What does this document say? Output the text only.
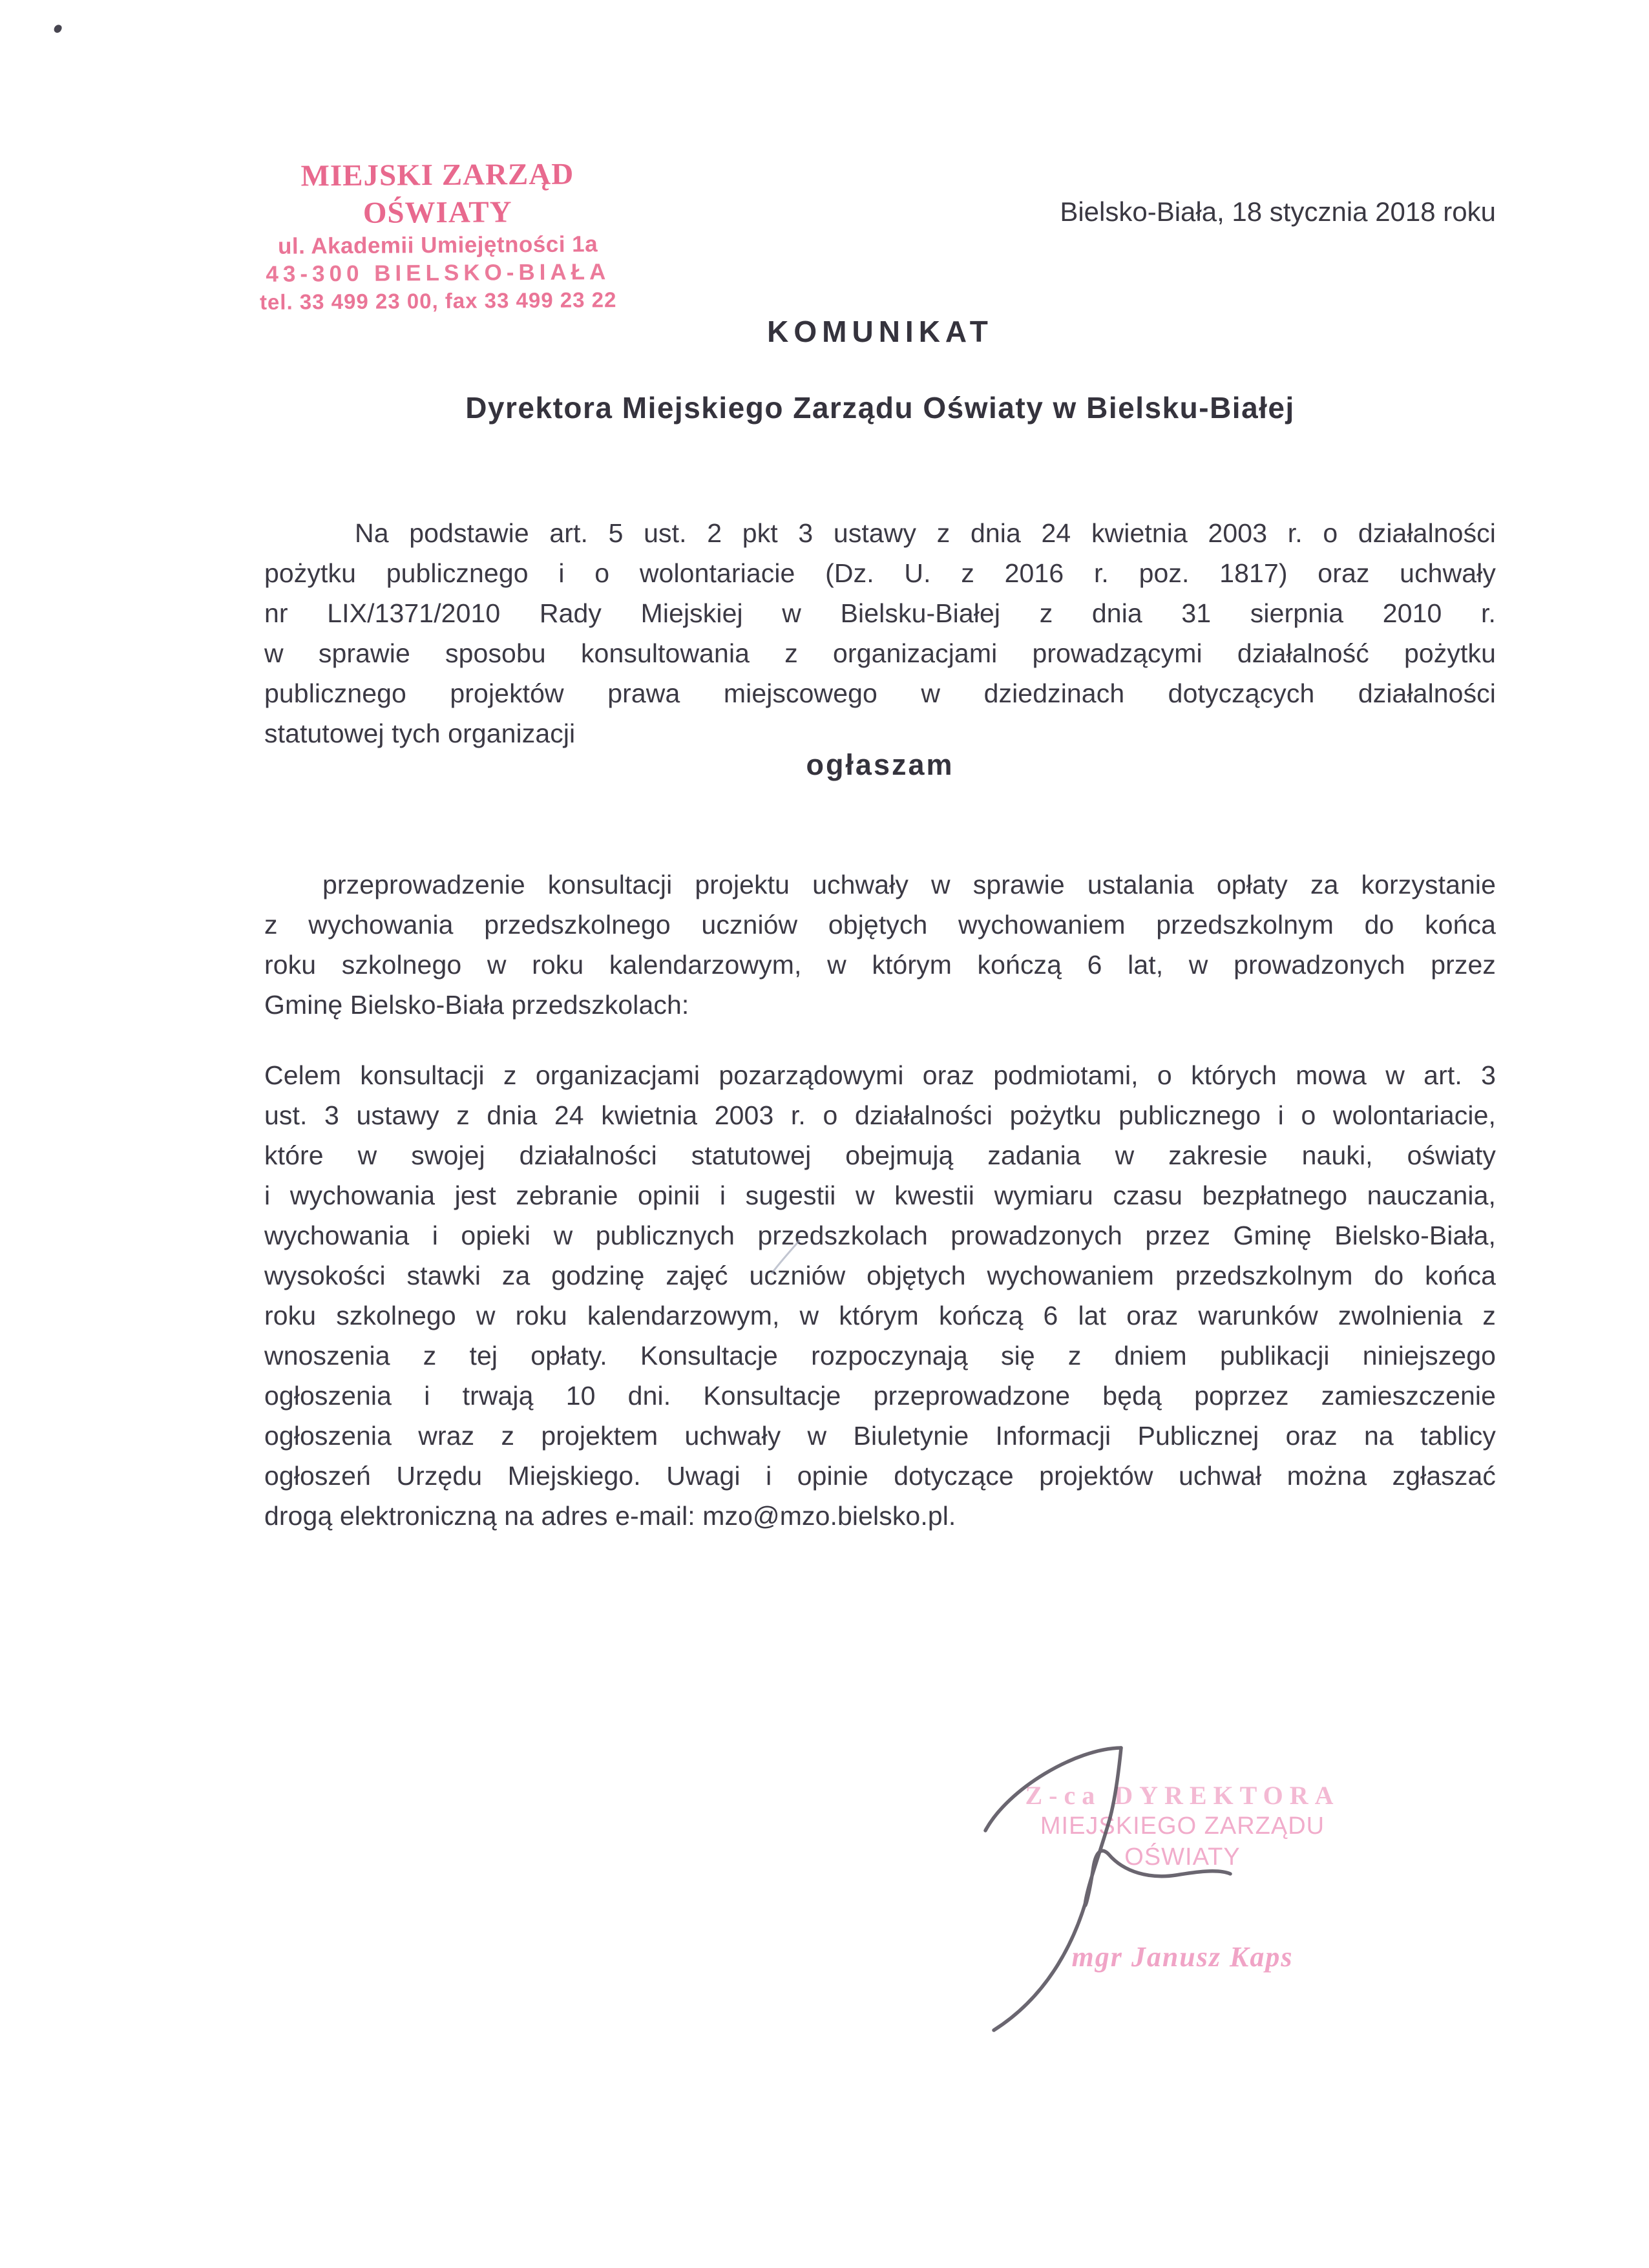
MIEJSKI ZARZĄD OŚWIATY
ul. Akademii Umiejętności 1a
43-300 BIELSKO-BIAŁA
tel. 33 499 23 00, fax 33 499 23 22
Bielsko-Biała, 18 stycznia 2018 roku
KOMUNIKAT
Dyrektora Miejskiego Zarządu Oświaty w Bielsku-Białej
Na podstawie art. 5 ust. 2 pkt 3 ustawy z dnia 24 kwietnia 2003 r. o działalności
pożytku publicznego i o wolontariacie (Dz. U. z 2016 r. poz. 1817) oraz uchwały
nr LIX/1371/2010 Rady Miejskiej w Bielsku-Białej z dnia 31 sierpnia 2010 r.
w sprawie sposobu konsultowania z organizacjami prowadzącymi działalność pożytku
publicznego projektów prawa miejscowego w dziedzinach dotyczących działalności
statutowej tych organizacji
ogłaszam
przeprowadzenie konsultacji projektu uchwały w sprawie ustalania opłaty za korzystanie
z wychowania przedszkolnego uczniów objętych wychowaniem przedszkolnym do końca
roku szkolnego w roku kalendarzowym, w którym kończą 6 lat, w prowadzonych przez
Gminę Bielsko-Biała przedszkolach:
Celem konsultacji z organizacjami pozarządowymi oraz podmiotami, o których mowa w art. 3
ust. 3 ustawy z dnia 24 kwietnia 2003 r. o działalności pożytku publicznego i o wolontariacie,
które w swojej działalności statutowej obejmują zadania w zakresie nauki, oświaty
i wychowania jest zebranie opinii i sugestii w kwestii wymiaru czasu bezpłatnego nauczania,
wychowania i opieki w publicznych przedszkolach prowadzonych przez Gminę Bielsko-Biała,
wysokości stawki za godzinę zajęć uczniów objętych wychowaniem przedszkolnym do końca
roku szkolnego w roku kalendarzowym, w którym kończą 6 lat oraz warunków zwolnienia z
wnoszenia z tej opłaty. Konsultacje rozpoczynają się z dniem publikacji niniejszego
ogłoszenia i trwają 10 dni. Konsultacje przeprowadzone będą poprzez zamieszczenie
ogłoszenia wraz z projektem uchwały w Biuletynie Informacji Publicznej oraz na tablicy
ogłoszeń Urzędu Miejskiego. Uwagi i opinie dotyczące projektów uchwał można zgłaszać
drogą elektroniczną na adres e-mail: mzo@mzo.bielsko.pl.
Z-ca DYREKTORA
MIEJSKIEGO ZARZĄDU OŚWIATY
mgr Janusz Kaps
